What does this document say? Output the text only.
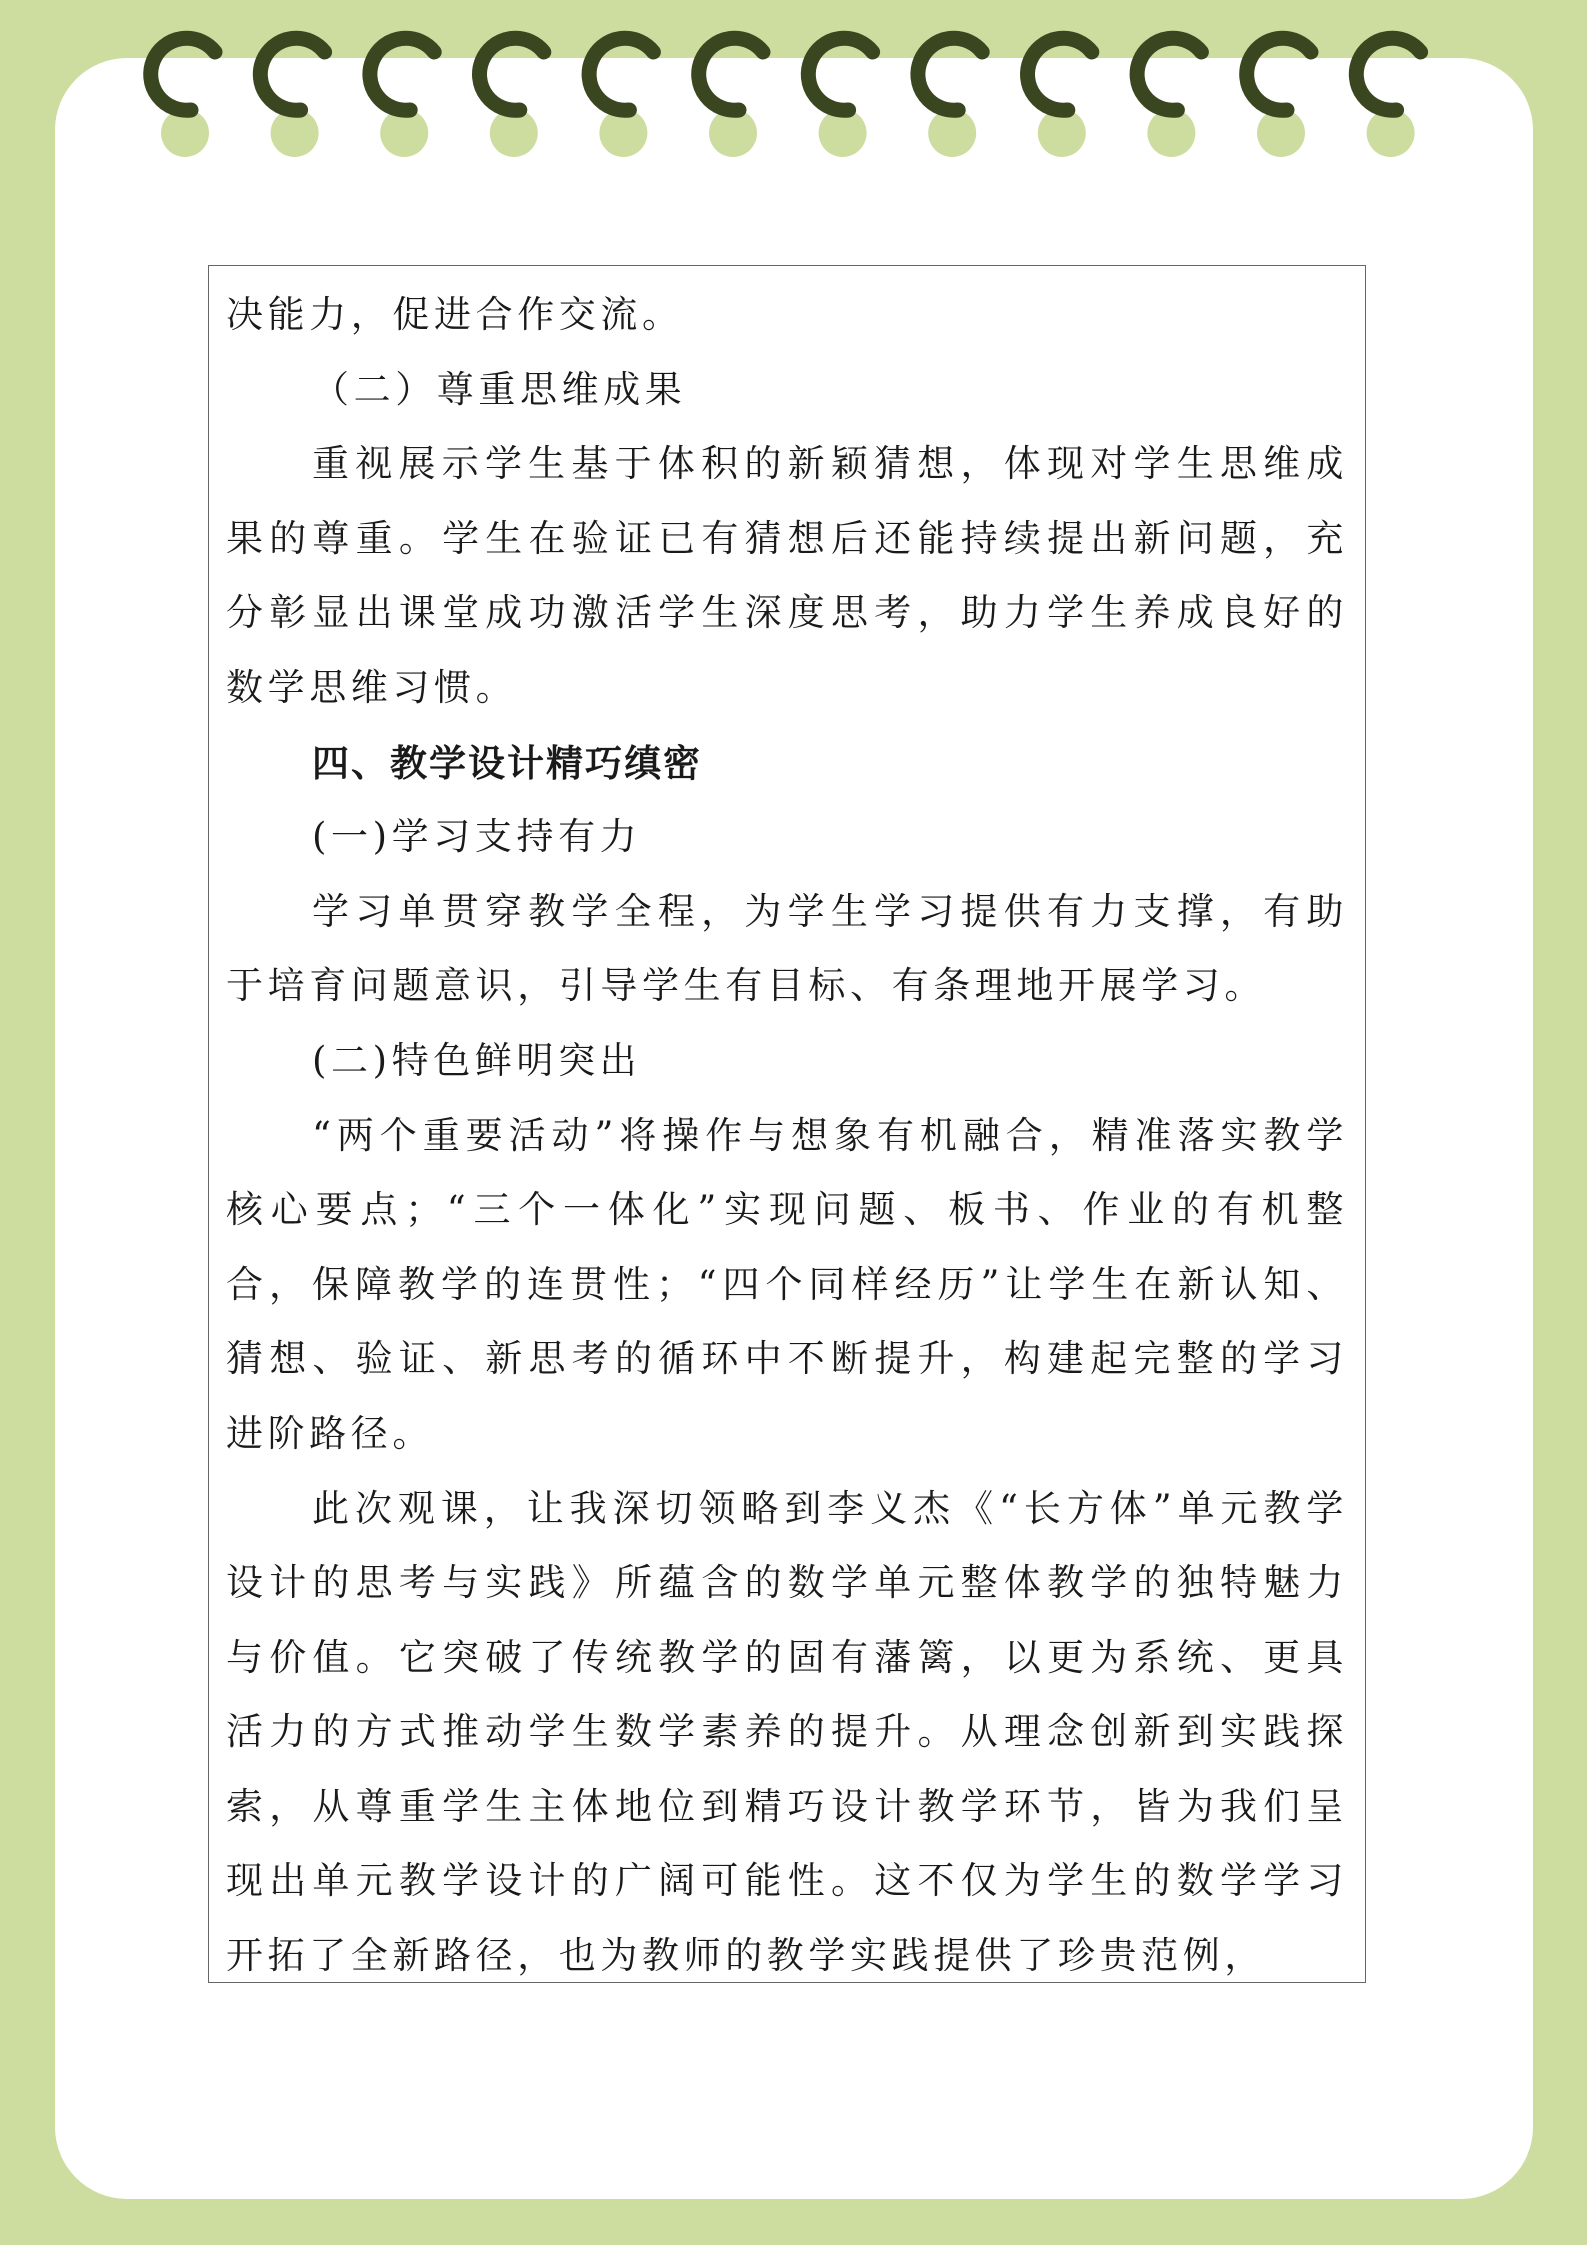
决能力，促进合作交流。

（二）尊重思维成果

重视展示学生基于体积的新颖猜想，体现对学生思维成果的尊重。学生在验证已有猜想后还能持续提出新问题，充分彰显出课堂成功激活学生深度思考，助力学生养成良好的数学思维习惯。

四、教学设计精巧缜密

(一)学习支持有力

学习单贯穿教学全程，为学生学习提供有力支撑，有助于培育问题意识，引导学生有目标、有条理地开展学习。

(二)特色鲜明突出

“两个重要活动”将操作与想象有机融合，精准落实教学核心要点；“三个一体化”实现问题、板书、作业的有机整合，保障教学的连贯性；“四个同样经历”让学生在新认知、猜想、验证、新思考的循环中不断提升，构建起完整的学习进阶路径。

此次观课，让我深切领略到李义杰《“长方体”单元教学设计的思考与实践》所蕴含的数学单元整体教学的独特魅力与价值。它突破了传统教学的固有藩篱，以更为系统、更具活力的方式推动学生数学素养的提升。从理念创新到实践探索，从尊重学生主体地位到精巧设计教学环节，皆为我们呈现出单元教学设计的广阔可能性。这不仅为学生的数学学习开拓了全新路径，也为教师的教学实践提供了珍贵范例，
